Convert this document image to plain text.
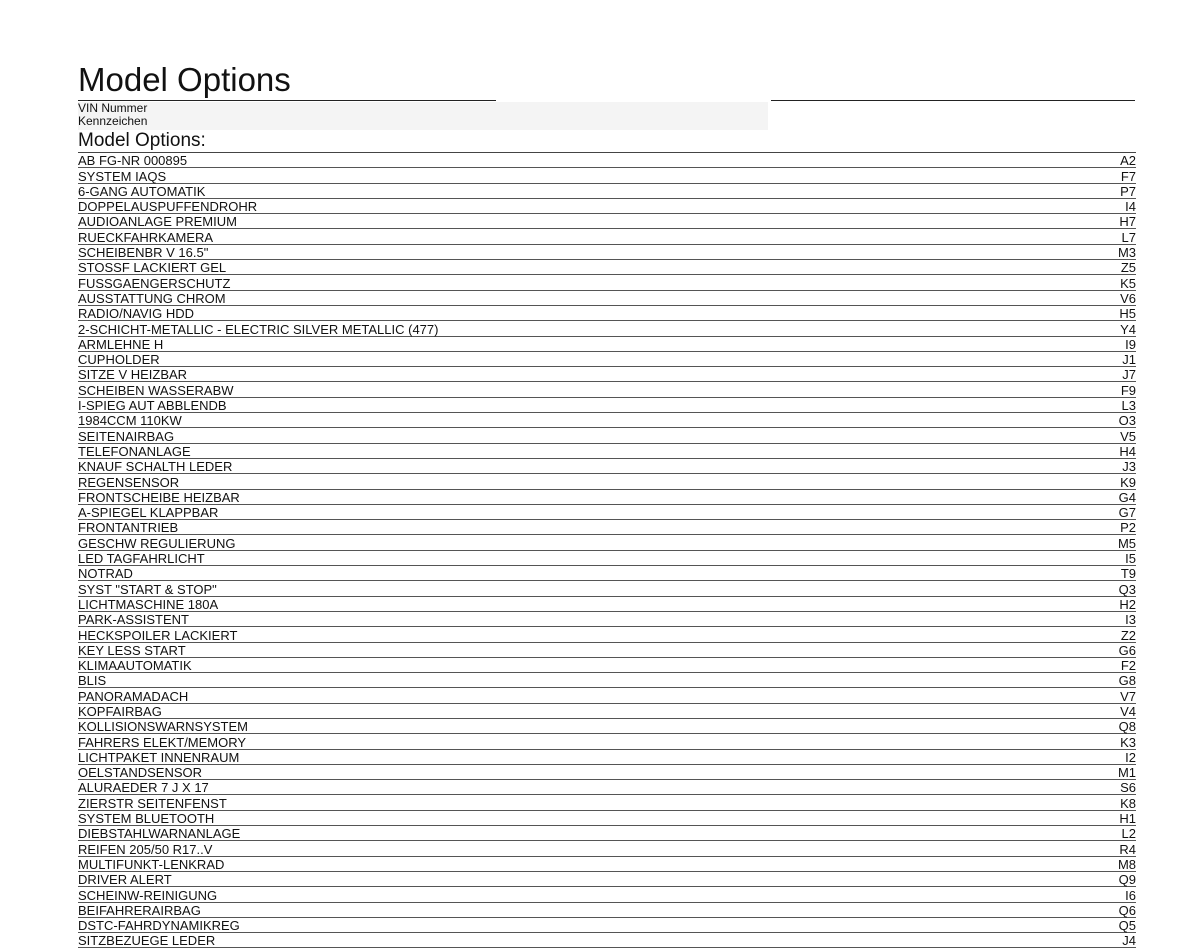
Model Options
VIN Nummer
Kennzeichen
Model Options:
AB FG-NR 000895	A2
SYSTEM IAQS	F7
6-GANG AUTOMATIK	P7
DOPPELAUSPUFFENDROHR	I4
AUDIOANLAGE PREMIUM	H7
RUECKFAHRKAMERA	L7
SCHEIBENBR V 16.5"	M3
STOSSF LACKIERT GEL	Z5
FUSSGAENGERSCHUTZ	K5
AUSSTATTUNG CHROM	V6
RADIO/NAVIG HDD	H5
2-SCHICHT-METALLIC - ELECTRIC SILVER METALLIC (477)	Y4
ARMLEHNE H	I9
CUPHOLDER	J1
SITZE V HEIZBAR	J7
SCHEIBEN WASSERABW	F9
I-SPIEG AUT ABBLENDB	L3
1984CCM 110KW	O3
SEITENAIRBAG	V5
TELEFONANLAGE	H4
KNAUF SCHALTH LEDER	J3
REGENSENSOR	K9
FRONTSCHEIBE HEIZBAR	G4
A-SPIEGEL KLAPPBAR	G7
FRONTANTRIEB	P2
GESCHW REGULIERUNG	M5
LED TAGFAHRLICHT	I5
NOTRAD	T9
SYST "START & STOP"	Q3
LICHTMASCHINE 180A	H2
PARK-ASSISTENT	I3
HECKSPOILER LACKIERT	Z2
KEY LESS START	G6
KLIMAAUTOMATIK	F2
BLIS	G8
PANORAMADACH	V7
KOPFAIRBAG	V4
KOLLISIONSWARNSYSTEM	Q8
FAHRERS ELEKT/MEMORY	K3
LICHTPAKET INNENRAUM	I2
OELSTANDSENSOR	M1
ALURAEDER 7 J X 17	S6
ZIERSTR SEITENFENST	K8
SYSTEM BLUETOOTH	H1
DIEBSTAHLWARNANLAGE	L2
REIFEN 205/50 R17..V	R4
MULTIFUNKT-LENKRAD	M8
DRIVER ALERT	Q9
SCHEINW-REINIGUNG	I6
BEIFAHRERAIRBAG	Q6
DSTC-FAHRDYNAMIKREG	Q5
SITZBEZUEGE LEDER	J4
